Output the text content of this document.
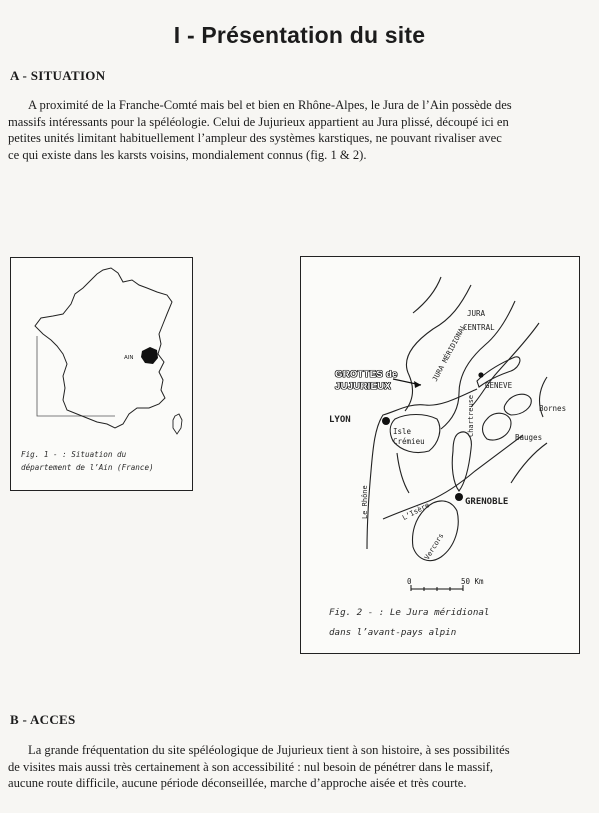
I - Présentation du site
A - SITUATION

A proximité de la Franche-Comté mais bel et bien en Rhône-Alpes, le Jura de l’Ain possède des
massifs intéressants pour la spéléologie. Celui de Jujurieux appartient au Jura plissé, découpé ici en
petites unités limitant habituellement l’ampleur des systèmes karstiques, ne pouvant rivaliser avec
ce qui existe dans les karsts voisins, mondialement connus (fig. 1 & 2).

AIN
Fig. 1 - : Situation du
département de l’Ain (France)
JURA
CENTRAL
GROTTES de
JUJURIEUX
JURA MÉRIDIONAL
GENEVE
Bornes
LYON
Isle
Crémieu	Bauges
Chartreuse
Le Rhône	L’Isère	GRENOBLE
Vercors
0	50 Km
Fig. 2 - : Le Jura méridional
dans l’avant-pays alpin
B - ACCES

La grande fréquentation du site spéléologique de Jujurieux tient à son histoire, à ses possibilités
de visites mais aussi très certainement à son accessibilité : nul besoin de pénétrer dans le massif,
aucune route difficile, aucune période déconseillée, marche d’approche aisée et très courte.
